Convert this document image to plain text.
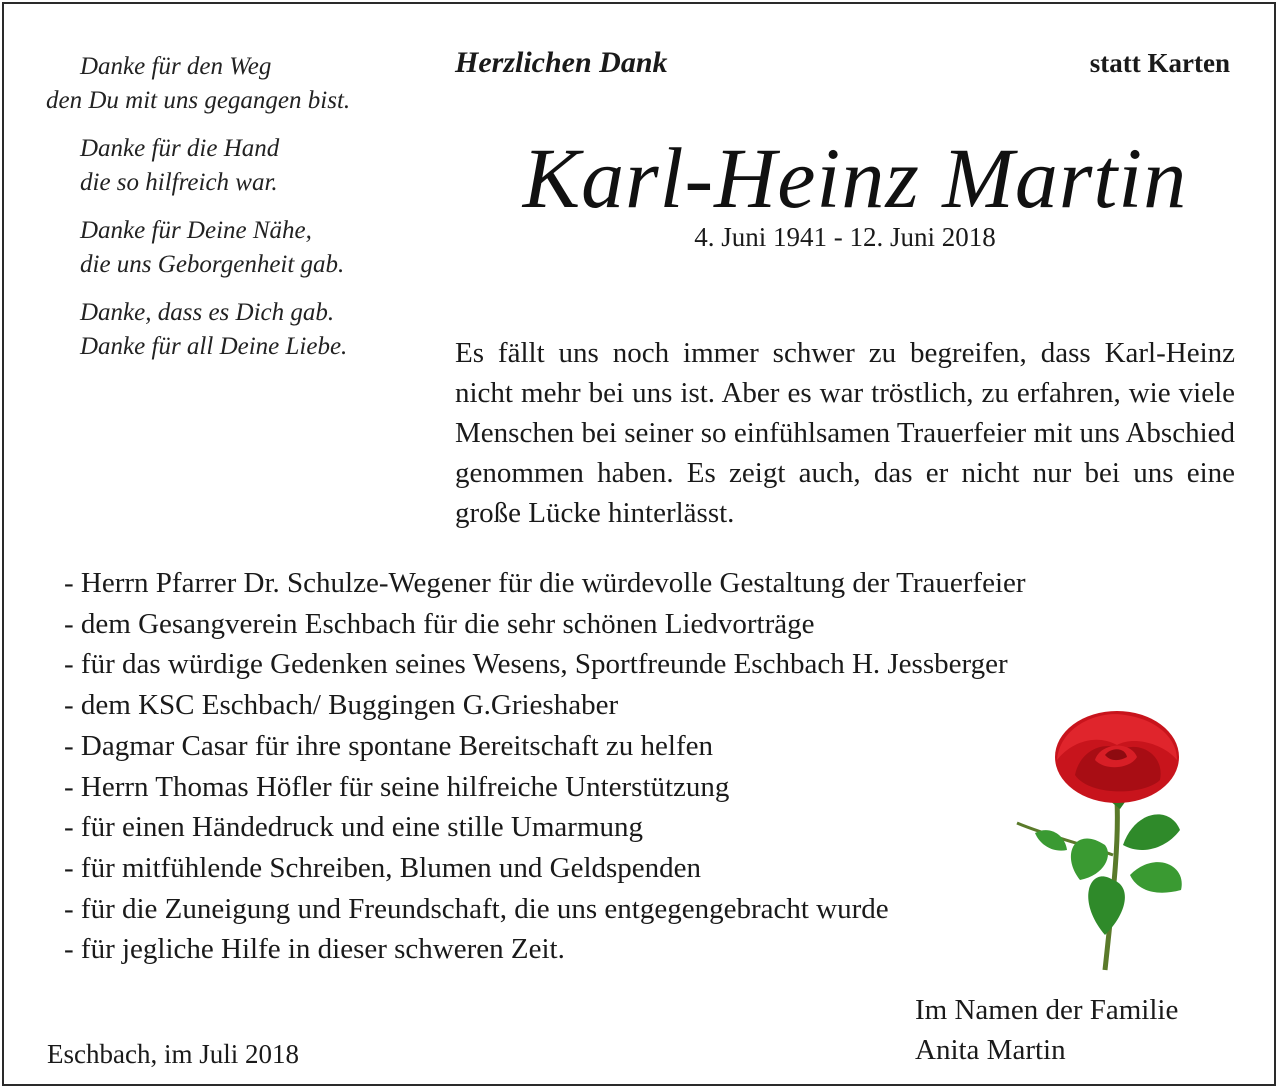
Danke für den Weg
den Du mit uns gegangen bist.
Danke für die Hand
die so hilfreich war.
Danke für Deine Nähe,
die uns Geborgenheit gab.
Danke, dass es Dich gab.
Danke für all Deine Liebe.
Herzlichen Dank	statt Karten
Karl-Heinz Martin
4. Juni 1941 - 12. Juni 2018
Es fällt uns noch immer schwer zu begreifen, dass Karl-Heinz nicht mehr bei uns ist. Aber es war tröstlich, zu erfahren, wie viele Menschen bei seiner so einfühlsamen Trauerfeier mit uns Abschied genommen haben. Es zeigt auch, das er nicht nur bei uns eine große Lücke hinterlässt.
- Herrn Pfarrer Dr. Schulze-Wegener für die würdevolle Gestaltung der Trauerfeier
- dem Gesangverein Eschbach für die sehr schönen Liedvorträge
- für das würdige Gedenken seines Wesens, Sportfreunde Eschbach H. Jessberger
- dem KSC Eschbach/ Buggingen G.Grieshaber
- Dagmar Casar für ihre spontane Bereitschaft zu helfen
- Herrn Thomas Höfler für seine hilfreiche Unterstützung
- für einen Händedruck und eine stille Umarmung
- für mitfühlende Schreiben, Blumen und Geldspenden
- für die Zuneigung und Freundschaft, die uns entgegengebracht wurde
- für jegliche Hilfe in dieser schweren Zeit.
Im Namen der Familie
Anita Martin
Eschbach, im Juli 2018
